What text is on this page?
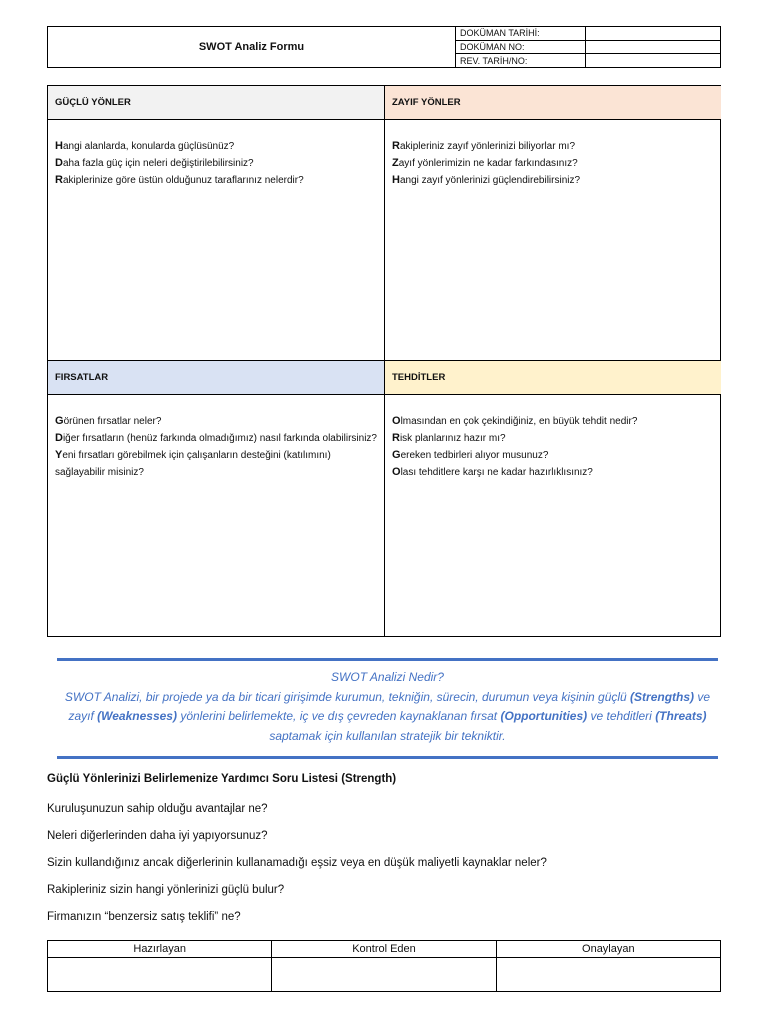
SWOT Analiz Formu
DOKÜMAN TARİHİ:
DOKÜMAN NO:
REV. TARİH/NO:
GÜÇLÜ YÖNLER
Hangi alanlarda, konularda güçlüsünüz?
Daha fazla güç için neleri değiştirilebilirsiniz?
Rakiplerinize göre üstün olduğunuz taraflarınız nelerdir?
ZAYIF YÖNLER
Rakipleriniz zayıf yönlerinizi biliyorlar mı?
Zayıf yönlerimizin ne kadar farkındasınız?
Hangi zayıf yönlerinizi güçlendirebilirsiniz?
FIRSATLAR
Görünen fırsatlar neler?
Diğer fırsatların (henüz farkında olmadığımız) nasıl farkında olabilirsiniz?
Yeni fırsatları görebilmek için çalışanların desteğini (katılımını) sağlayabilir misiniz?
TEHDİTLER
Olmasından en çok çekindiğiniz, en büyük tehdit nedir?
Risk planlarınız hazır mı?
Gereken tedbirleri alıyor musunuz?
Olası tehditlere karşı ne kadar hazırlıklısınız?
SWOT Analizi Nedir?
SWOT Analizi, bir projede ya da bir ticari girişimde kurumun, tekniğin, sürecin, durumun veya kişinin güçlü (Strengths) ve zayıf (Weaknesses) yönlerini belirlemekte, iç ve dış çevreden kaynaklanan fırsat (Opportunities) ve tehditleri (Threats) saptamak için kullanılan stratejik bir tekniktir.
Güçlü Yönlerinizi Belirlemenize Yardımcı Soru Listesi (Strength)
Kuruluşunuzun sahip olduğu avantajlar ne?
Neleri diğerlerinden daha iyi yapıyorsunuz?
Sizin kullandığınız ancak diğerlerinin kullanamadığı eşsiz veya en düşük maliyetli kaynaklar neler?
Rakipleriniz sizin hangi yönlerinizi güçlü bulur?
Firmanızın “benzersiz satış teklifi” ne?
Hazırlayan	Kontrol Eden	Onaylayan
